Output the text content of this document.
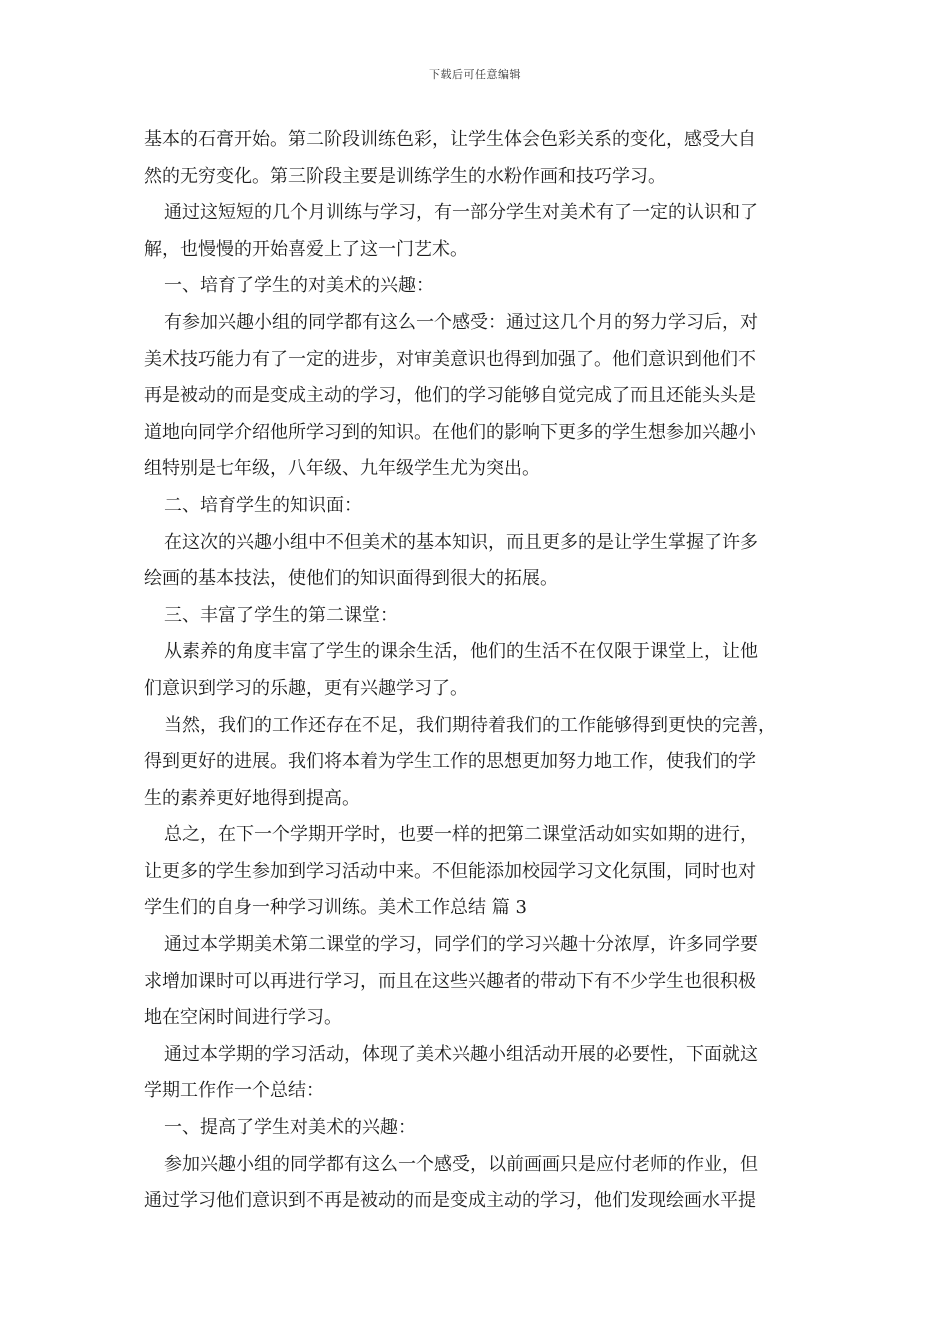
下载后可任意编辑
基本的石膏开始。第二阶段训练色彩，让学生体会色彩关系的变化，感受大自
然的无穷变化。第三阶段主要是训练学生的水粉作画和技巧学习。
通过这短短的几个月训练与学习，有一部分学生对美术有了一定的认识和了
解，也慢慢的开始喜爱上了这一门艺术。
一、培育了学生的对美术的兴趣：
有参加兴趣小组的同学都有这么一个感受：通过这几个月的努力学习后，对
美术技巧能力有了一定的进步，对审美意识也得到加强了。他们意识到他们不
再是被动的而是变成主动的学习，他们的学习能够自觉完成了而且还能头头是
道地向同学介绍他所学习到的知识。在他们的影响下更多的学生想参加兴趣小
组特别是七年级，八年级、九年级学生尤为突出。
二、培育学生的知识面：
在这次的兴趣小组中不但美术的基本知识，而且更多的是让学生掌握了许多
绘画的基本技法，使他们的知识面得到很大的拓展。
三、丰富了学生的第二课堂：
从素养的角度丰富了学生的课余生活，他们的生活不在仅限于课堂上，让他
们意识到学习的乐趣，更有兴趣学习了。
当然，我们的工作还存在不足，我们期待着我们的工作能够得到更快的完善，
得到更好的进展。我们将本着为学生工作的思想更加努力地工作，使我们的学
生的素养更好地得到提高。
总之，在下一个学期开学时，也要一样的把第二课堂活动如实如期的进行，
让更多的学生参加到学习活动中来。不但能添加校园学习文化氛围，同时也对
学生们的自身一种学习训练。美术工作总结 篇 3
通过本学期美术第二课堂的学习，同学们的学习兴趣十分浓厚，许多同学要
求增加课时可以再进行学习，而且在这些兴趣者的带动下有不少学生也很积极
地在空闲时间进行学习。
通过本学期的学习活动，体现了美术兴趣小组活动开展的必要性，下面就这
学期工作作一个总结：
一、提高了学生对美术的兴趣：
参加兴趣小组的同学都有这么一个感受，以前画画只是应付老师的作业，但
通过学习他们意识到不再是被动的而是变成主动的学习，他们发现绘画水平提
